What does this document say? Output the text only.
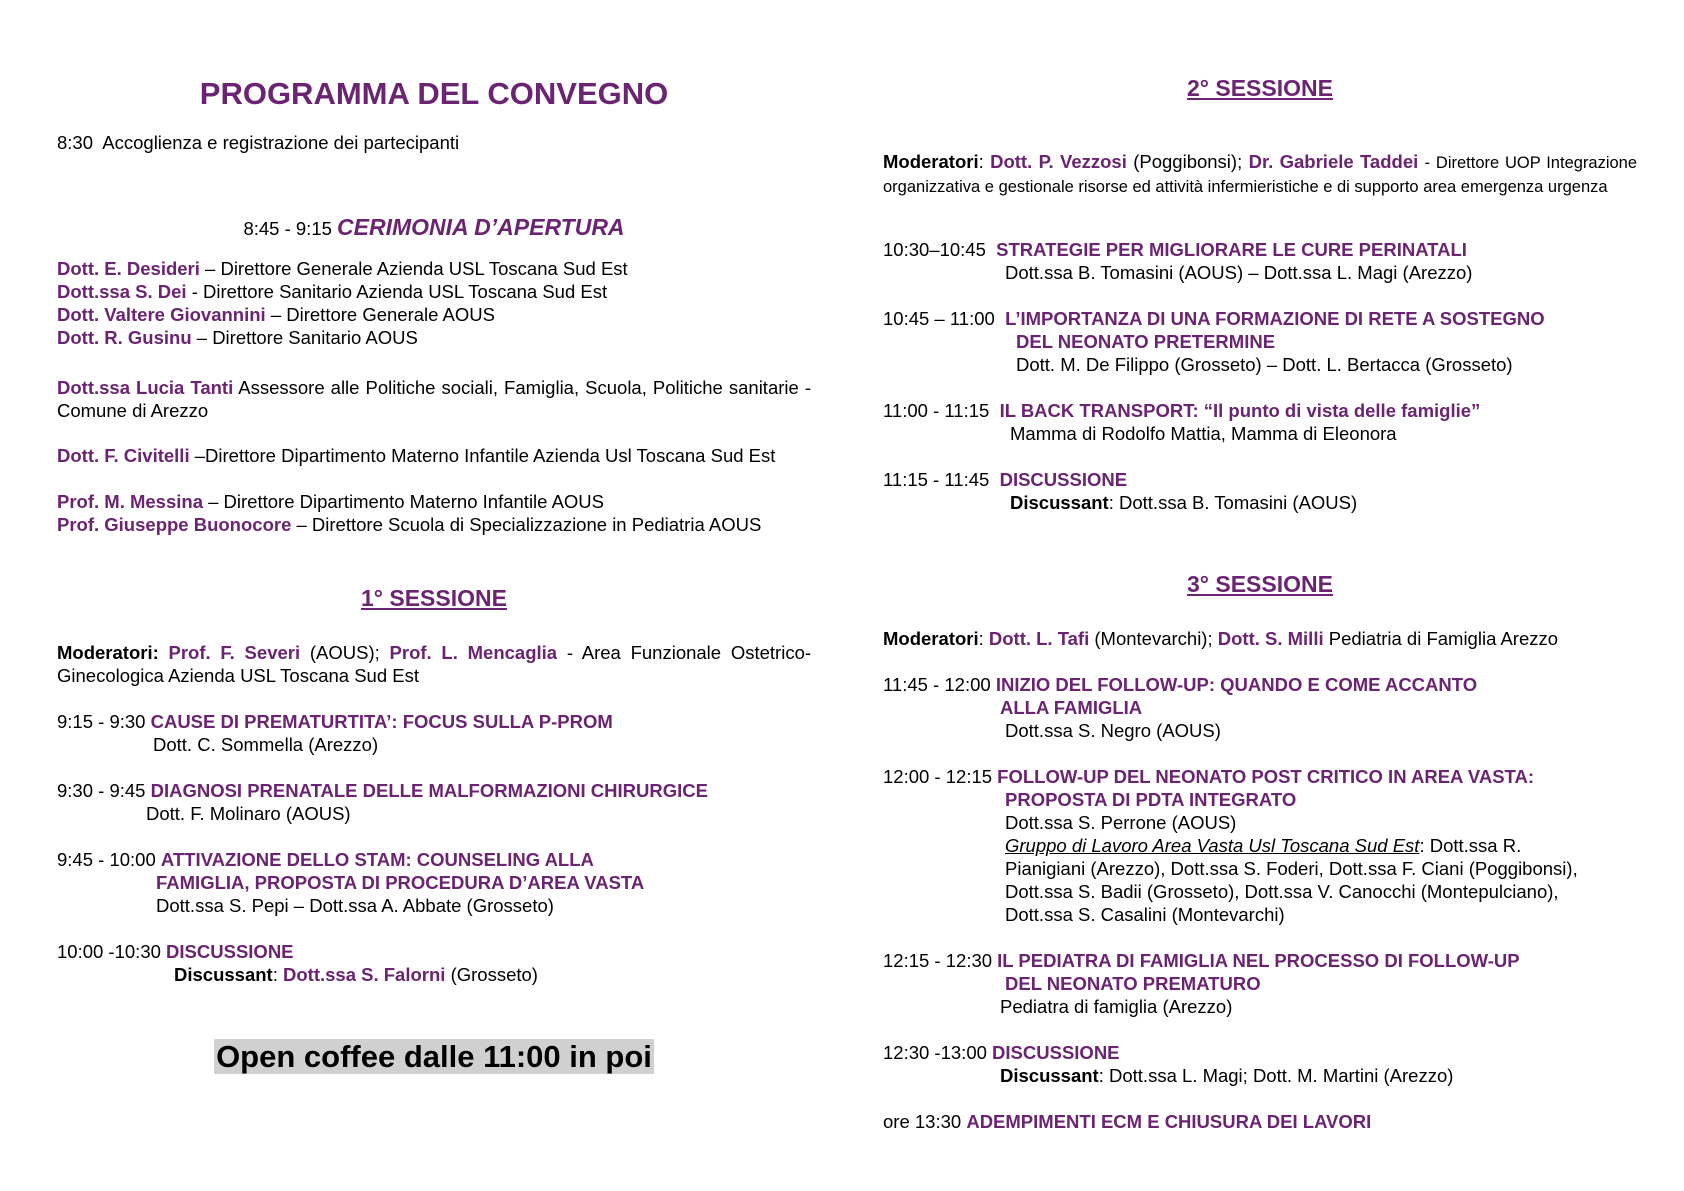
PROGRAMMA DEL CONVEGNO
8:30 Accoglienza e registrazione dei partecipanti
8:45 - 9:15 CERIMONIA D’APERTURA
Dott. E. Desideri – Direttore Generale Azienda USL Toscana Sud Est
Dott.ssa S. Dei - Direttore Sanitario Azienda USL Toscana Sud Est
Dott. Valtere Giovannini – Direttore Generale AOUS
Dott. R. Gusinu – Direttore Sanitario AOUS
Dott.ssa Lucia Tanti Assessore alle Politiche sociali, Famiglia, Scuola, Politiche sanitarie - Comune di Arezzo
Dott. F. Civitelli –Direttore Dipartimento Materno Infantile Azienda Usl Toscana Sud Est
Prof. M. Messina – Direttore Dipartimento Materno Infantile AOUS
Prof. Giuseppe Buonocore – Direttore Scuola di Specializzazione in Pediatria AOUS
1° SESSIONE
Moderatori: Prof. F. Severi (AOUS); Prof. L. Mencaglia - Area Funzionale Ostetrico-Ginecologica Azienda USL Toscana Sud Est
9:15 - 9:30 CAUSE DI PREMATURTITA’: FOCUS SULLA P-PROM
Dott. C. Sommella (Arezzo)
9:30 - 9:45 DIAGNOSI PRENATALE DELLE MALFORMAZIONI CHIRURGICE
Dott. F. Molinaro (AOUS)
9:45 - 10:00 ATTIVAZIONE DELLO STAM: COUNSELING ALLA
FAMIGLIA, PROPOSTA DI PROCEDURA D’AREA VASTA
Dott.ssa S. Pepi – Dott.ssa A. Abbate (Grosseto)
10:00 -10:30 DISCUSSIONE
Discussant: Dott.ssa S. Falorni (Grosseto)
Open coffee dalle 11:00 in poi
2° SESSIONE
Moderatori: Dott. P. Vezzosi (Poggibonsi); Dr. Gabriele Taddei - Direttore UOP Integrazione organizzativa e gestionale risorse ed attività infermieristiche e di supporto area emergenza urgenza
10:30–10:45 STRATEGIE PER MIGLIORARE LE CURE PERINATALI
Dott.ssa B. Tomasini (AOUS) – Dott.ssa L. Magi (Arezzo)
10:45 – 11:00 L’IMPORTANZA DI UNA FORMAZIONE DI RETE A SOSTEGNO
DEL NEONATO PRETERMINE
Dott. M. De Filippo (Grosseto) – Dott. L. Bertacca (Grosseto)
11:00 - 11:15 IL BACK TRANSPORT: “Il punto di vista delle famiglie”
Mamma di Rodolfo Mattia, Mamma di Eleonora
11:15 - 11:45 DISCUSSIONE
Discussant: Dott.ssa B. Tomasini (AOUS)
3° SESSIONE
Moderatori: Dott. L. Tafi (Montevarchi); Dott. S. Milli Pediatria di Famiglia Arezzo
11:45 - 12:00 INIZIO DEL FOLLOW-UP: QUANDO E COME ACCANTO
ALLA FAMIGLIA
Dott.ssa S. Negro (AOUS)
12:00 - 12:15 FOLLOW-UP DEL NEONATO POST CRITICO IN AREA VASTA:
PROPOSTA DI PDTA INTEGRATO
Dott.ssa S. Perrone (AOUS)
Gruppo di Lavoro Area Vasta Usl Toscana Sud Est: Dott.ssa R.
Pianigiani (Arezzo), Dott.ssa S. Foderi, Dott.ssa F. Ciani (Poggibonsi),
Dott.ssa S. Badii (Grosseto), Dott.ssa V. Canocchi (Montepulciano),
Dott.ssa S. Casalini (Montevarchi)
12:15 - 12:30 IL PEDIATRA DI FAMIGLIA NEL PROCESSO DI FOLLOW-UP
DEL NEONATO PREMATURO
Pediatra di famiglia (Arezzo)
12:30 -13:00 DISCUSSIONE
Discussant: Dott.ssa L. Magi; Dott. M. Martini (Arezzo)
ore 13:30 ADEMPIMENTI ECM E CHIUSURA DEI LAVORI
